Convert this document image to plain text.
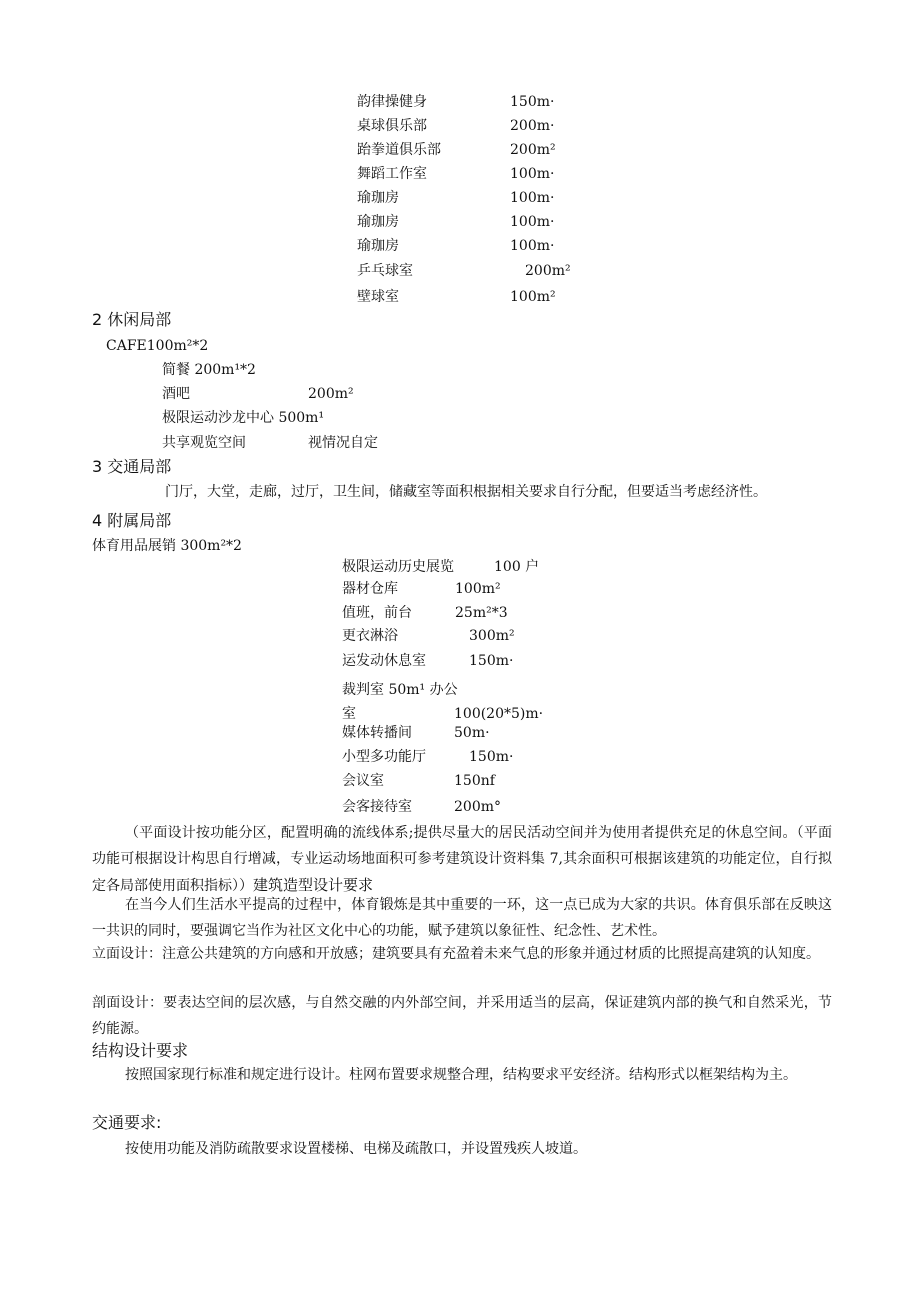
韵律操健身	150m·
桌球俱乐部	200m·
跆拳道俱乐部	200m²
舞蹈工作室	100m·
瑜珈房	100m·
瑜珈房	100m·
瑜珈房	100m·
乒乓球室	200m²
壁球室	100m²
2 休闲局部
CAFE100m²*2
简餐 200m¹*2
酒吧	200m²
极限运动沙龙中心 500m¹
共享观览空间	视情况自定
3 交通局部
门厅，大堂，走廊，过厅，卫生间，储藏室等面积根据相关要求自行分配，但要适当考虑经济性。
4 附属局部
体育用品展销 300m²*2
极限运动历史展览	100 户
器材仓库	100m²
值班，前台	25m²*3
更衣淋浴	300m²
运发动休息室	150m·
裁判室 50m¹ 办公
室	100(20*5)m·
媒体转播间	50m·
小型多功能厅	150m·
会议室	150nf
会客接待室	200m°
（平面设计按功能分区，配置明确的流线体系;提供尽量大的居民活动空间并为使用者提供充足的休息空间。（平面功能可根据设计构思自行增减，专业运动场地面积可参考建筑设计资料集 7,其余面积可根据该建筑的功能定位，自行拟定各局部使用面积指标））建筑造型设计要求
在当今人们生活水平提高的过程中，体育锻炼是其中重要的一环，这一点已成为大家的共识。体育俱乐部在反映这一共识的同时，要强调它当作为社区文化中心的功能，赋予建筑以象征性、纪念性、艺术性。
立面设计：注意公共建筑的方向感和开放感；建筑要具有充盈着未来气息的形象并通过材质的比照提高建筑的认知度。
剖面设计：要表达空间的层次感，与自然交融的内外部空间，并采用适当的层高，保证建筑内部的换气和自然采光，节约能源。
结构设计要求
按照国家现行标准和规定进行设计。柱网布置要求规整合理，结构要求平安经济。结构形式以框架结构为主。
交通要求:
按使用功能及消防疏散要求设置楼梯、电梯及疏散口，并设置残疾人坡道。
